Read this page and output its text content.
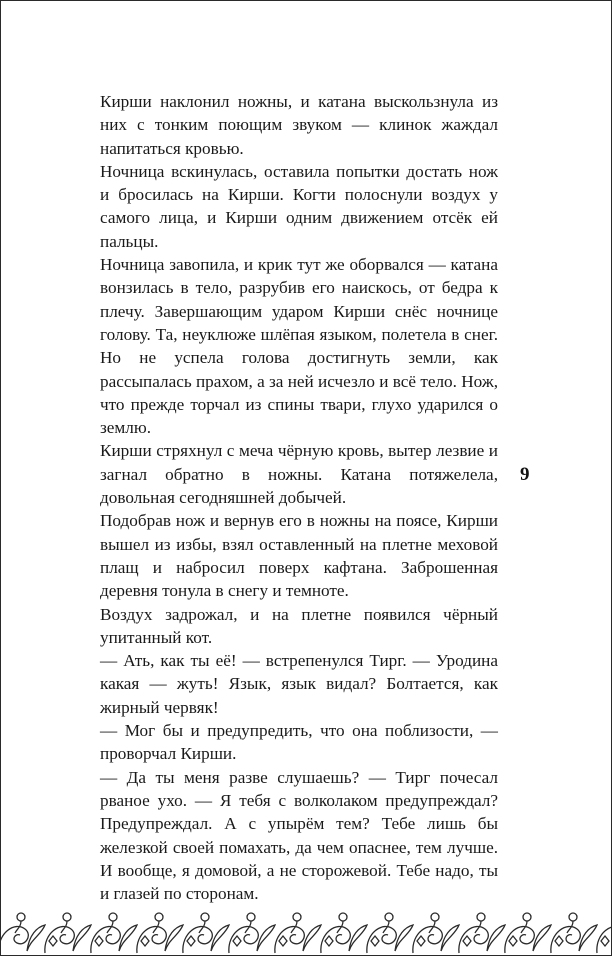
Кирши наклонил ножны, и катана выскользнула из них с тонким поющим звуком — клинок жаждал напитаться кровью.

Ночница вскинулась, оставила попытки достать нож и бросилась на Кирши. Когти полоснули воздух у самого лица, и Кирши одним движением отсёк ей пальцы.

Ночница завопила, и крик тут же оборвался — катана вонзилась в тело, разрубив его наискось, от бедра к плечу. Завершающим ударом Кирши снёс ночнице голову. Та, неуклюже шлёпая языком, полетела в снег. Но не успела голова достигнуть земли, как рассыпалась прахом, а за ней исчезло и всё тело. Нож, что прежде торчал из спины твари, глухо ударился о землю.

Кирши стряхнул с меча чёрную кровь, вытер лезвие и загнал обратно в ножны. Катана потяжелела, довольная сегодняшней добычей.

Подобрав нож и вернув его в ножны на поясе, Кирши вышел из избы, взял оставленный на плетне меховой плащ и набросил поверх кафтана. Заброшенная деревня тонула в снегу и темноте.

Воздух задрожал, и на плетне появился чёрный упитанный кот.

— Ать, как ты её! — встрепенулся Тирг. — Уродина какая — жуть! Язык, язык видал? Болтается, как жирный червяк!

— Мог бы и предупредить, что она поблизости, — проворчал Кирши.

— Да ты меня разве слушаешь? — Тирг почесал рваное ухо. — Я тебя с волколаком предупреждал? Предупреждал. А с упырём тем? Тебе лишь бы железкой своей помахать, да чем опаснее, тем лучше. И вообще, я домовой, а не сторожевой. Тебе надо, ты и глазей по сторонам.

9
